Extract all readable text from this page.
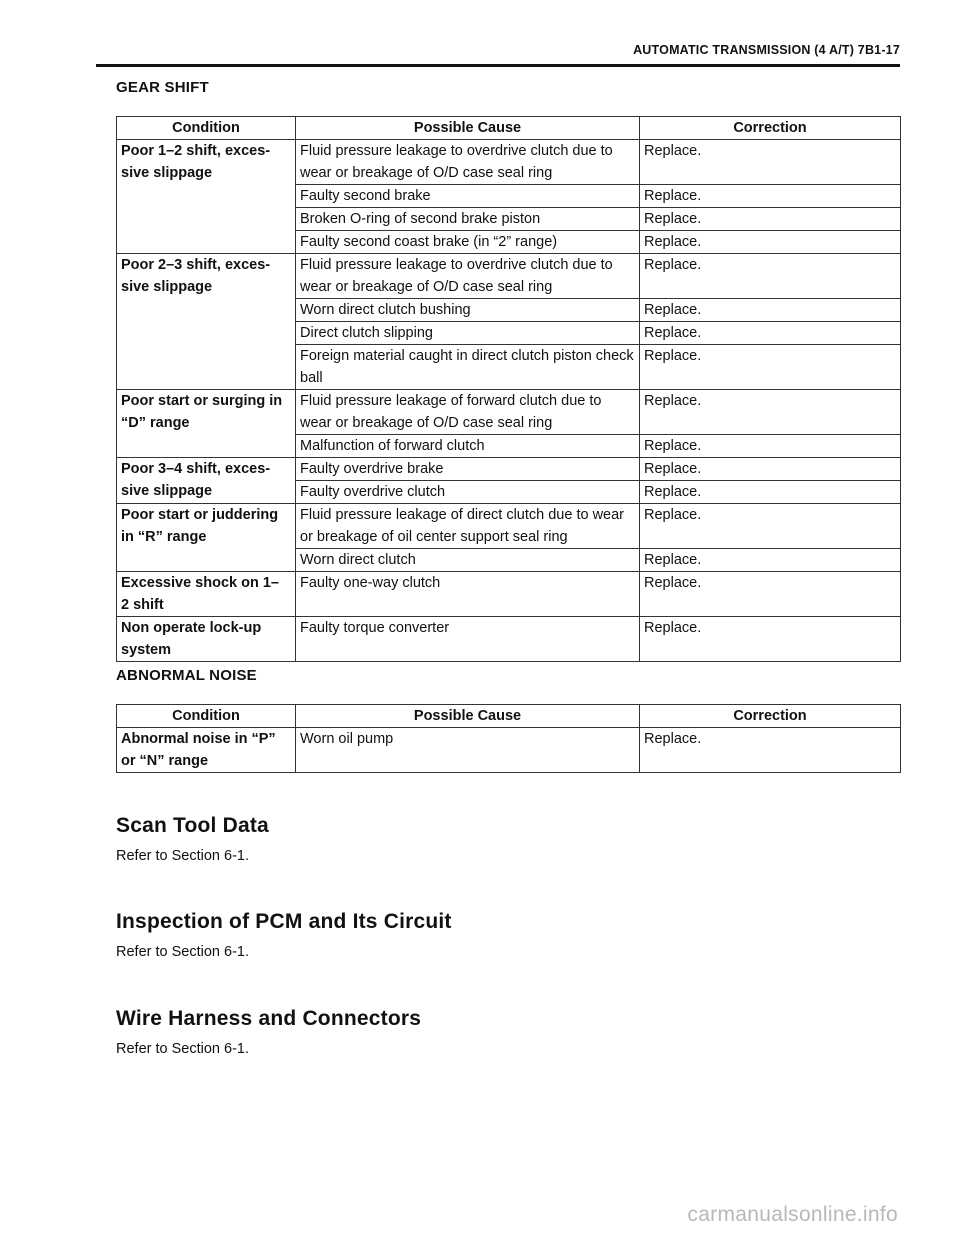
AUTOMATIC TRANSMISSION (4 A/T) 7B1-17
GEAR SHIFT
Condition	Possible Cause	Correction
Poor 1–2 shift, exces-sive slippage	Fluid pressure leakage to overdrive clutch due to wear or breakage of O/D case seal ring	Replace.
	Faulty second brake	Replace.
	Broken O-ring of second brake piston	Replace.
	Faulty second coast brake (in “2” range)	Replace.
Poor 2–3 shift, exces-sive slippage	Fluid pressure leakage to overdrive clutch due to wear or breakage of O/D case seal ring	Replace.
	Worn direct clutch bushing	Replace.
	Direct clutch slipping	Replace.
	Foreign material caught in direct clutch piston check ball	Replace.
Poor start or surging in “D” range	Fluid pressure leakage of forward clutch due to wear or breakage of O/D case seal ring	Replace.
	Malfunction of forward clutch	Replace.
Poor 3–4 shift, exces-sive slippage	Faulty overdrive brake	Replace.
	Faulty overdrive clutch	Replace.
Poor start or juddering in “R” range	Fluid pressure leakage of direct clutch due to wear or breakage of oil center support seal ring	Replace.
	Worn direct clutch	Replace.
Excessive shock on 1– 2 shift	Faulty one-way clutch	Replace.
Non operate lock-up system	Faulty torque converter	Replace.
ABNORMAL NOISE
Condition	Possible Cause	Correction
Abnormal noise in “P” or “N” range	Worn oil pump	Replace.
Scan Tool Data
Refer to Section 6-1.
Inspection of PCM and Its Circuit
Refer to Section 6-1.
Wire Harness and Connectors
Refer to Section 6-1.
carmanualsonline.info
